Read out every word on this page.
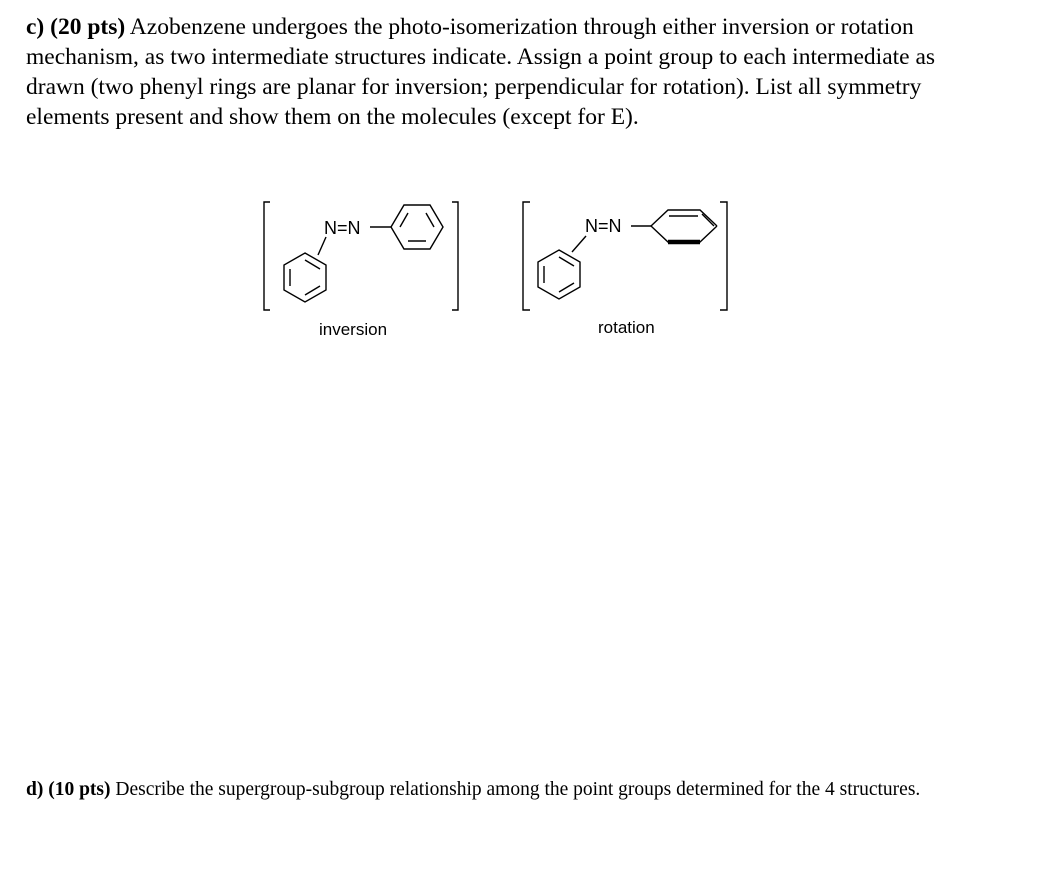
c) (20 pts) Azobenzene undergoes the photo-isomerization through either inversion or rotation mechanism, as two intermediate structures indicate. Assign a point group to each intermediate as drawn (two phenyl rings are planar for inversion; perpendicular for rotation). List all symmetry elements present and show them on the molecules (except for E).

N=N
inversion
N=N
rotation

d) (10 pts) Describe the supergroup-subgroup relationship among the point groups determined for the 4 structures.
